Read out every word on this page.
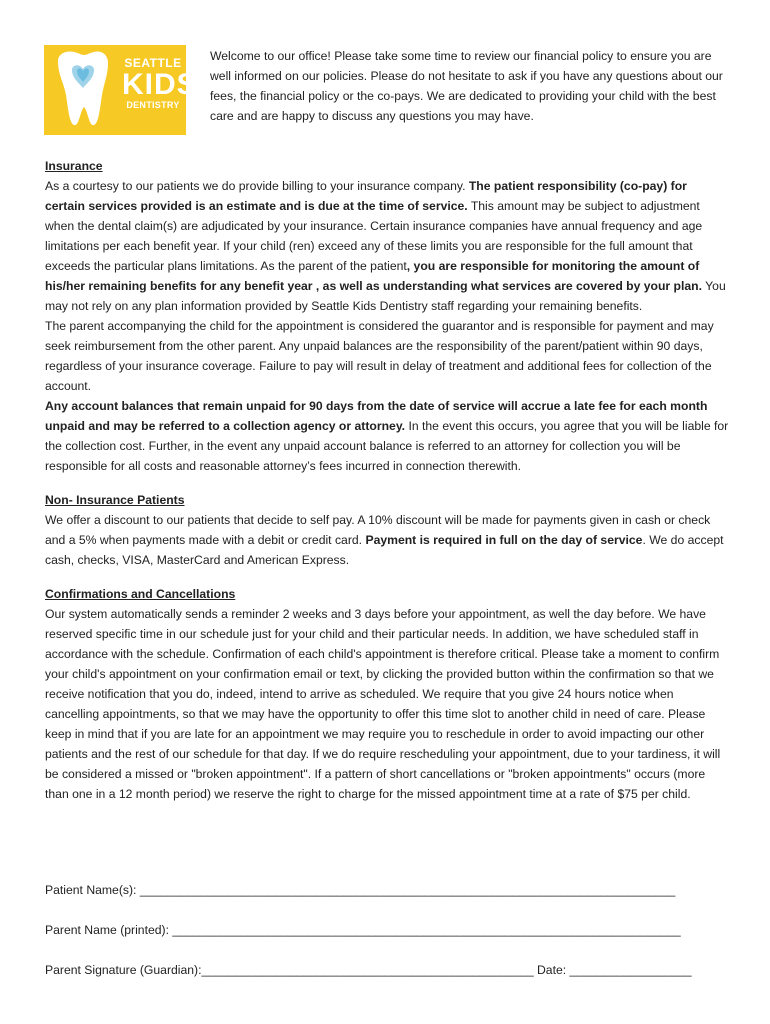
SEATTLE
KIDS
DENTISTRY
Welcome to our office! Please take some time to review our financial policy to ensure you are well informed on our policies. Please do not hesitate to ask if you have any questions about our fees, the financial policy or the co-pays. We are dedicated to providing your child with the best care and are happy to discuss any questions you may have.

Insurance

As a courtesy to our patients we do provide billing to your insurance company. The patient responsibility (co-pay) for certain services provided is an estimate and is due at the time of service. This amount may be subject to adjustment when the dental claim(s) are adjudicated by your insurance. Certain insurance companies have annual frequency and age limitations per each benefit year. If your child (ren) exceed any of these limits you are responsible for the full amount that exceeds the particular plans limitations. As the parent of the patient, you are responsible for monitoring the amount of his/her remaining benefits for any benefit year , as well as understanding what services are covered by your plan. You may not rely on any plan information provided by Seattle Kids Dentistry staff regarding your remaining benefits.

The parent accompanying the child for the appointment is considered the guarantor and is responsible for payment and may seek reimbursement from the other parent. Any unpaid balances are the responsibility of the parent/patient within 90 days, regardless of your insurance coverage. Failure to pay will result in delay of treatment and additional fees for collection of the account.

Any account balances that remain unpaid for 90 days from the date of service will accrue a late fee for each month unpaid and may be referred to a collection agency or attorney. In the event this occurs, you agree that you will be liable for the collection cost. Further, in the event any unpaid account balance is referred to an attorney for collection you will be responsible for all costs and reasonable attorney’s fees incurred in connection therewith.

Non- Insurance Patients

We offer a discount to our patients that decide to self pay. A 10% discount will be made for payments given in cash or check and a 5% when payments made with a debit or credit card. Payment is required in full on the day of service. We do accept cash, checks, VISA, MasterCard and American Express.

Confirmations and Cancellations

Our system automatically sends a reminder 2 weeks and 3 days before your appointment, as well the day before. We have reserved specific time in our schedule just for your child and their particular needs. In addition, we have scheduled staff in accordance with the schedule. Confirmation of each child's appointment is therefore critical. Please take a moment to confirm your child's appointment on your confirmation email or text, by clicking the provided button within the confirmation so that we receive notification that you do, indeed, intend to arrive as scheduled. We require that you give 24 hours notice when cancelling appointments, so that we may have the opportunity to offer this time slot to another child in need of care. Please keep in mind that if you are late for an appointment we may require you to reschedule in order to avoid impacting our other patients and the rest of our schedule for that day. If we do require rescheduling your appointment, due to your tardiness, it will be considered a missed or "broken appointment". If a pattern of short cancellations or "broken appointments" occurs (more than one in a 12 month period) we reserve the right to charge for the missed appointment time at a rate of $75 per child.

Patient Name(s): _______________________________________________________________________________
Parent Name (printed): ___________________________________________________________________________
Parent Signature (Guardian):_________________________________________________ Date: __________________
